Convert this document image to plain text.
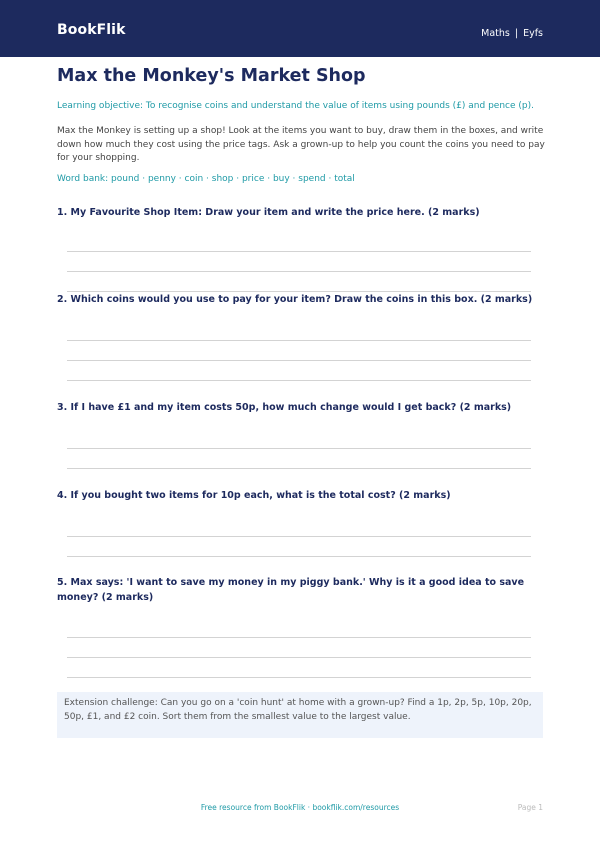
BookFlik	Maths | Eyfs
Max the Monkey's Market Shop
Learning objective: To recognise coins and understand the value of items using pounds (£) and pence (p).
Max the Monkey is setting up a shop! Look at the items you want to buy, draw them in the boxes, and write down how much they cost using the price tags. Ask a grown-up to help you count the coins you need to pay for your shopping.
Word bank: pound · penny · coin · shop · price · buy · spend · total
1. My Favourite Shop Item: Draw your item and write the price here. (2 marks)
2. Which coins would you use to pay for your item? Draw the coins in this box. (2 marks)
3. If I have £1 and my item costs 50p, how much change would I get back? (2 marks)
4. If you bought two items for 10p each, what is the total cost? (2 marks)
5. Max says: 'I want to save my money in my piggy bank.' Why is it a good idea to save money? (2 marks)
Extension challenge: Can you go on a 'coin hunt' at home with a grown-up? Find a 1p, 2p, 5p, 10p, 20p, 50p, £1, and £2 coin. Sort them from the smallest value to the largest value.
Free resource from BookFlik · bookflik.com/resources	Page 1
